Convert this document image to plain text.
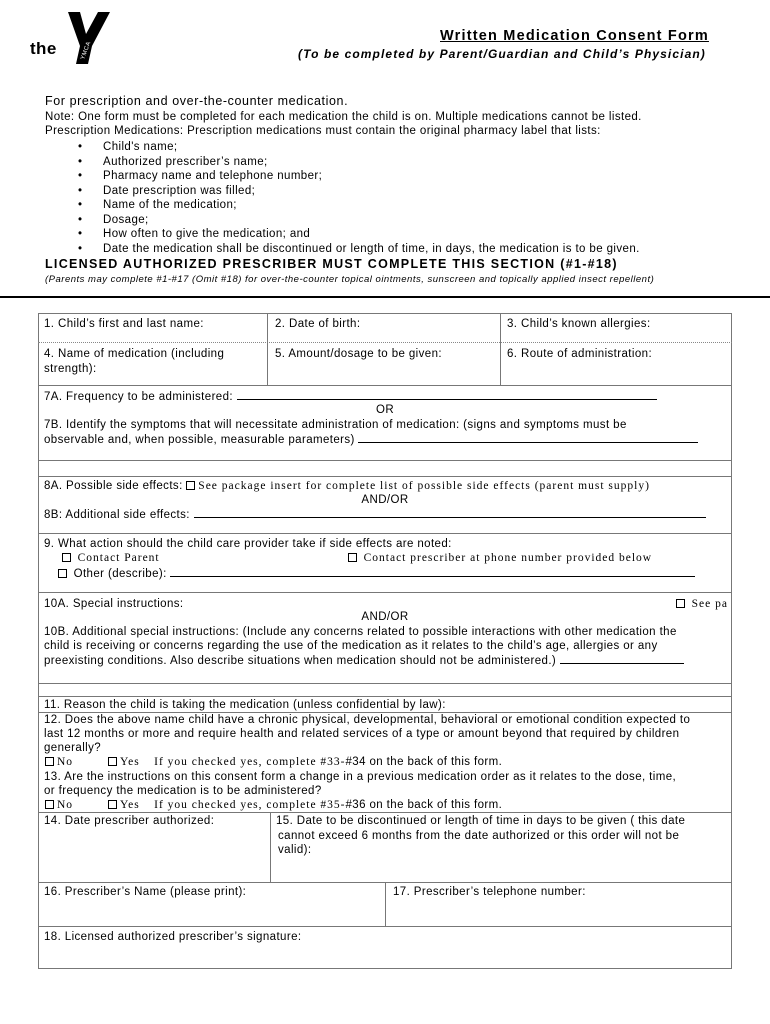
YMCA
the
Written Medication Consent Form
(To be completed by Parent/Guardian and Child’s Physician)
For prescription and over-the-counter medication.
Note: One form must be completed for each medication the child is on. Multiple medications cannot be listed.
Prescription Medications: Prescription medications must contain the original pharmacy label that lists:
• Child's name;
• Authorized prescriber’s name;
• Pharmacy name and telephone number;
• Date prescription was filled;
• Name of the medication;
• Dosage;
• How often to give the medication; and
• Date the medication shall be discontinued or length of time, in days, the medication is to be given.
LICENSED AUTHORIZED PRESCRIBER MUST COMPLETE THIS SECTION (#1-#18)
(Parents may complete #1-#17 (Omit #18) for over-the-counter topical ointments, sunscreen and topically applied insect repellent)
1. Child’s first and last name:	2. Date of birth:	3. Child’s known allergies:
4. Name of medication (including
strength):
5. Amount/dosage to be given:	6. Route of administration:
7A. Frequency to be administered:
OR
7B. Identify the symptoms that will necessitate administration of medication: (signs and symptoms must be
observable and, when possible, measurable parameters)
8A. Possible side effects: See package insert for complete list of possible side effects (parent must supply)
AND/OR
8B: Additional side effects:
9. What action should the child care provider take if side effects are noted:
Contact Parent	Contact prescriber at phone number provided below
Other (describe):
10A. Special instructions:	See pa
AND/OR
10B. Additional special instructions: (Include any concerns related to possible interactions with other medication the
child is receiving or concerns regarding the use of the medication as it relates to the child’s age, allergies or any
preexisting conditions. Also describe situations when medication should not be administered.)
11. Reason the child is taking the medication (unless confidential by law):
12. Does the above name child have a chronic physical, developmental, behavioral or emotional condition expected to
last 12 months or more and require health and related services of a type or amount beyond that required by children
generally?
No	Yes If you checked yes, complete #33-#34 on the back of this form.
13. Are the instructions on this consent form a change in a previous medication order as it relates to the dose, time,
or frequency the medication is to be administered?
No	Yes If you checked yes, complete #35-#36 on the back of this form.
14. Date prescriber authorized:	15. Date to be discontinued or length of time in days to be given ( this date
cannot exceed 6 months from the date authorized or this order will not be
valid):
16. Prescriber’s Name (please print):	17. Prescriber’s telephone number:
18. Licensed authorized prescriber’s signature:
